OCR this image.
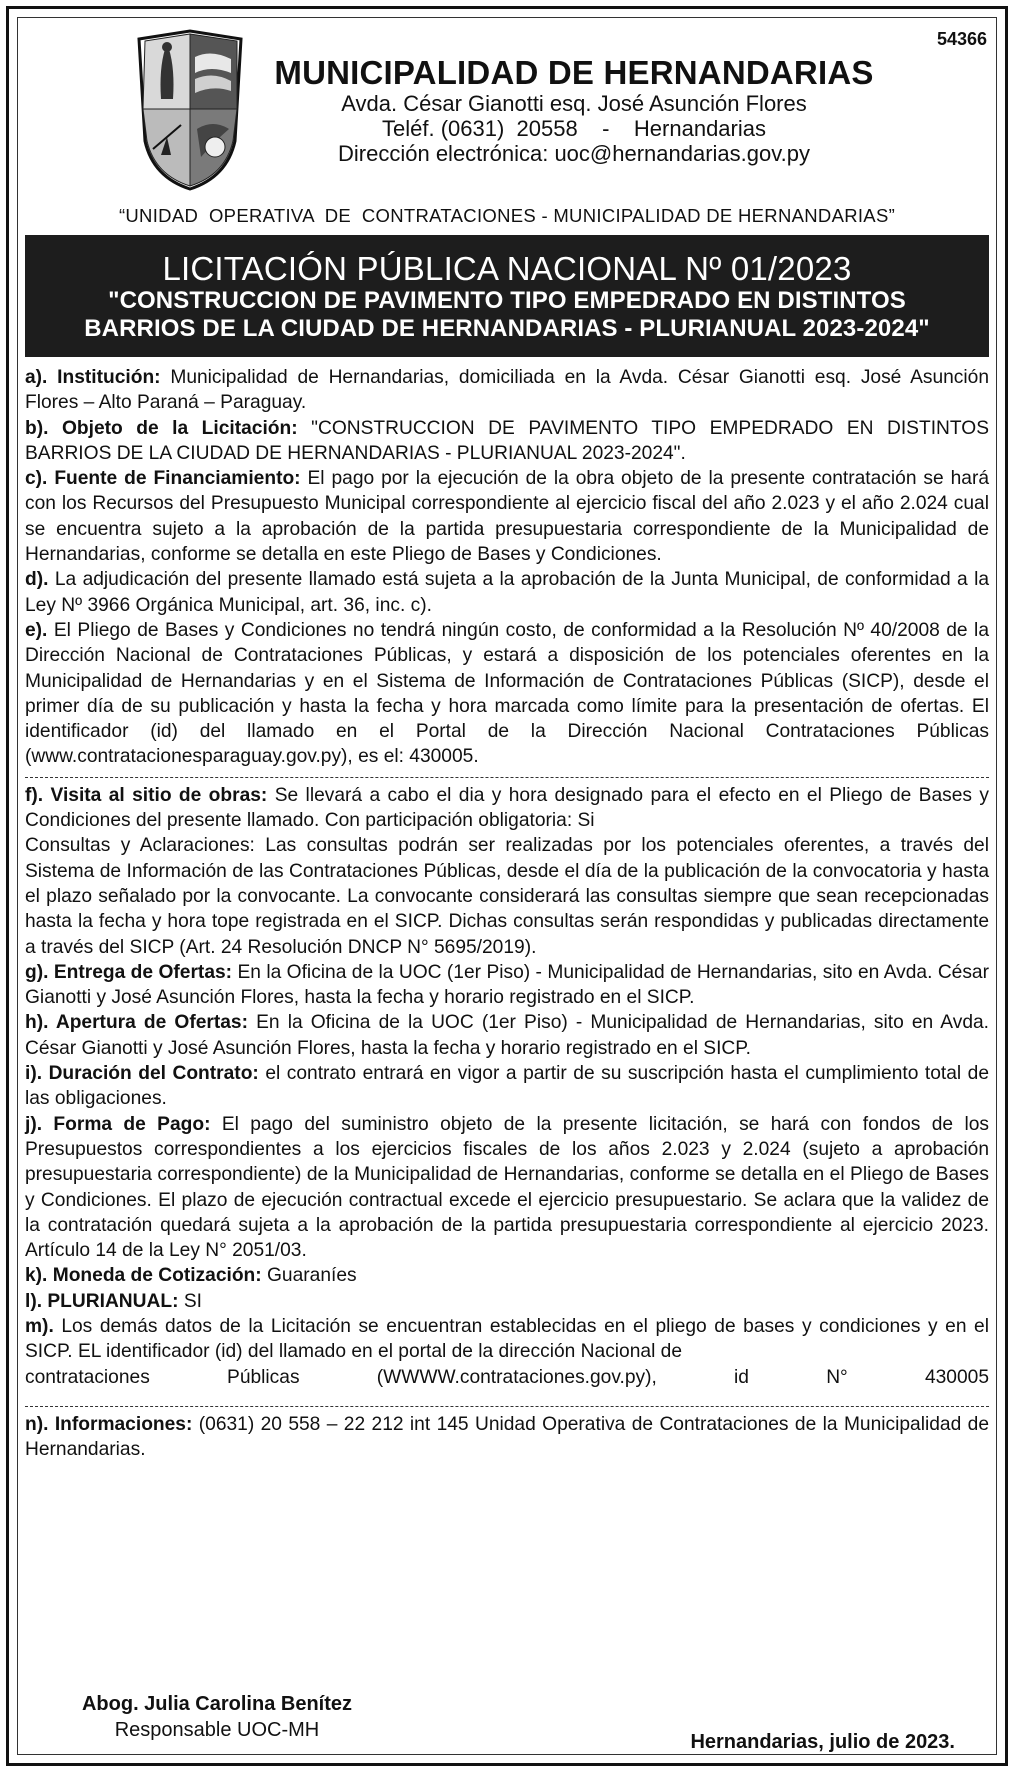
54366
MUNICIPALIDAD DE HERNANDARIAS
Avda. César Gianotti esq. José Asunción Flores
Teléf. (0631)  20558    -    Hernandarias
Dirección electrónica: uoc@hernandarias.gov.py
“UNIDAD  OPERATIVA  DE  CONTRATACIONES - MUNICIPALIDAD DE HERNANDARIAS”
LICITACIÓN PÚBLICA NACIONAL Nº 01/2023
"CONSTRUCCION DE PAVIMENTO TIPO EMPEDRADO EN DISTINTOS
BARRIOS DE LA CIUDAD DE HERNANDARIAS - PLURIANUAL 2023-2024"

a). Institución: Municipalidad de Hernandarias, domiciliada en la Avda. César Gianotti esq. José Asunción Flores – Alto Paraná – Paraguay.

b). Objeto de la Licitación: "CONSTRUCCION DE PAVIMENTO TIPO EMPEDRADO EN DISTINTOS BARRIOS DE LA CIUDAD DE HERNANDARIAS - PLURIANUAL 2023-2024".

c). Fuente de Financiamiento: El pago por la ejecución de la obra objeto de la presente contratación se hará con los Recursos del Presupuesto Municipal correspondiente al ejercicio fiscal del año 2.023 y el año 2.024 cual se encuentra sujeto a la aprobación de la partida presupuestaria correspondiente de la Municipalidad de Hernandarias, conforme se detalla en este Pliego de Bases y Condiciones.

d). La adjudicación del presente llamado está sujeta a la aprobación de la Junta Municipal, de conformidad a la Ley Nº 3966 Orgánica Municipal, art. 36, inc. c).

e). El Pliego de Bases y Condiciones no tendrá ningún costo, de conformidad a la Resolución Nº 40/2008 de la Dirección Nacional de Contrataciones Públicas, y estará a disposición de los potenciales oferentes en la Municipalidad de Hernandarias y en el Sistema de Información de Contrataciones Públicas (SICP), desde el primer día de su publicación y hasta la fecha y hora marcada como límite para la presentación de ofertas. El identificador (id) del llamado en el Portal de la Dirección Nacional Contrataciones Públicas (www.contratacionesparaguay.gov.py), es el: 430005.

f). Visita al sitio de obras: Se llevará a cabo el dia y hora designado para el efecto en el Pliego de Bases y Condiciones del presente llamado. Con participación obligatoria: Si

Consultas y Aclaraciones: Las consultas podrán ser realizadas por los potenciales oferentes, a través del Sistema de Información de las Contrataciones Públicas, desde el día de la publicación de la convocatoria y hasta el plazo señalado por la convocante. La convocante considerará las consultas siempre que sean recepcionadas hasta la fecha y hora tope registrada en el SICP. Dichas consultas serán respondidas y publicadas directamente a través del SICP (Art. 24 Resolución DNCP N° 5695/2019).

g). Entrega de Ofertas: En la Oficina de la UOC (1er Piso) - Municipalidad de Hernandarias, sito en Avda. César Gianotti y José Asunción Flores, hasta la fecha y horario registrado en el SICP.

h). Apertura de Ofertas: En la Oficina de la UOC (1er Piso) - Municipalidad de Hernandarias, sito en Avda. César Gianotti y José Asunción Flores, hasta la fecha y horario registrado en el SICP.

i). Duración del Contrato: el contrato entrará en vigor a partir de su suscripción hasta el cumplimiento total de las obligaciones.

j). Forma de Pago: El pago del suministro objeto de la presente licitación, se hará con fondos de los Presupuestos correspondientes a los ejercicios fiscales de los años 2.023 y 2.024 (sujeto a aprobación presupuestaria correspondiente) de la Municipalidad de Hernandarias, conforme se detalla en el Pliego de Bases y Condiciones. El plazo de ejecución contractual excede el ejercicio presupuestario. Se aclara que la validez de la contratación quedará sujeta a la aprobación de la partida presupuestaria correspondiente al ejercicio 2023. Artículo 14 de la Ley N° 2051/03.

k). Moneda de Cotización: Guaraníes

l). PLURIANUAL: SI

m). Los demás datos de la Licitación se encuentran establecidas en el pliego de bases y condiciones y en el SICP. EL identificador (id) del llamado en el portal de la dirección Nacional de

contrataciones Públicas (WWWW.contrataciones.gov.py), id N° 430005

n). Informaciones: (0631) 20 558 – 22 212 int 145 Unidad Operativa de Contrataciones de la Municipalidad de Hernandarias.

Abog. Julia Carolina Benítez
Responsable UOC-MH
Hernandarias, julio de 2023.
